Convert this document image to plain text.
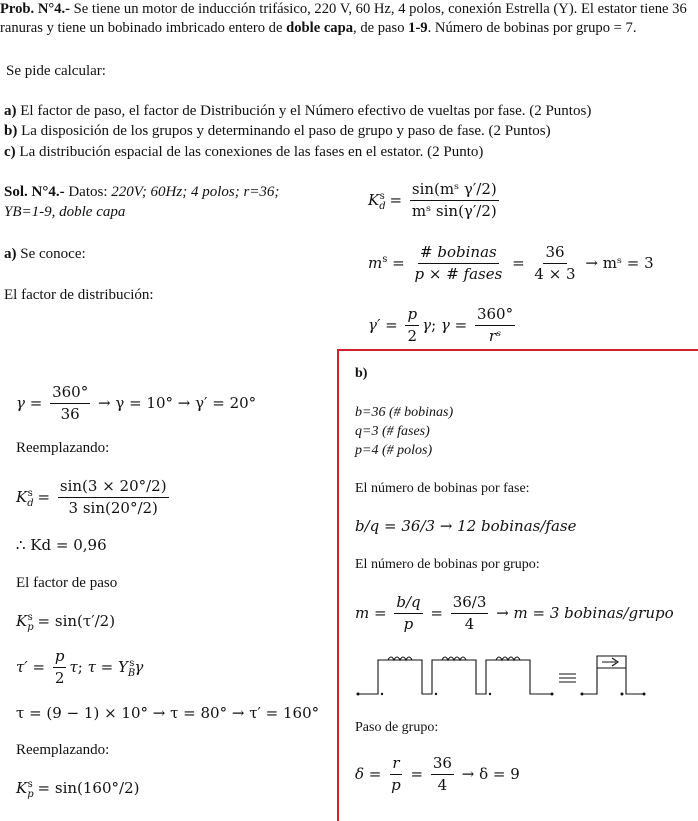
Prob. N°4.- Se tiene un motor de inducción trifásico, 220 V, 60 Hz, 4 polos, conexión Estrella (Y). El estator tiene 36 ranuras y tiene un bobinado imbricado entero de doble capa, de paso 1-9. Número de bobinas por grupo = 7.
Se pide calcular:
a) El factor de paso, el factor de Distribución y el Número efectivo de vueltas por fase. (2 Puntos)
b) La disposición de los grupos y determinando el paso de grupo y paso de fase. (2 Puntos)
c) La distribución espacial de las conexiones de las fases en el estator. (2 Punto)
Sol. N°4.- Datos: 220V; 60Hz; 4 polos; r=36;
YB=1-9, doble capa
$K_d^s = \frac{\text{sin(mˢ γ′/2)}}{\text{mˢ sin(γ′/2)}}$
a) Se conoce:	$m^s = \frac{\text{\# bobinas}}{\text{p × \# fases}} = \frac{36}{4 \times 3}$ → mˢ = 3
El factor de distribución:
$\gamma' = \frac{p}{2} \gamma$; $\gamma = \frac{360^\circ}{\text{rˢ}}$
$\gamma = \frac{360^\circ}{36} \to \gamma = 10^\circ \to \gamma' = 20^\circ$
Reemplazando:
$K_d^s = \frac{\sin(3 \times 20^\circ/2)}{3 \sin(20^\circ/2)}$
∴ Kd = 0,96
El factor de paso
$K_p^s = \sin(\tau'/2)$
$\tau' = \frac{p}{2} \tau$; $\tau = Y_B^s\gamma$
τ = (9 − 1) × 10° → τ = 80° → τ′ = 160°
Reemplazando:
$K_p^s = \sin(160^\circ/2)$
b)
b=36 (# bobinas)
q=3 (# fases)
p=4 (# polos)
El número de bobinas por fase:
b/q = 36/3 → 12 bobinas/fase
El número de bobinas por grupo:
$m = \frac{b/q}{p} = \frac{36/3}{4} \to m = 3$ bobinas/grupo
Paso de grupo:
$\delta = \frac{r}{p} = \frac{36}{4} \to \delta = 9$
